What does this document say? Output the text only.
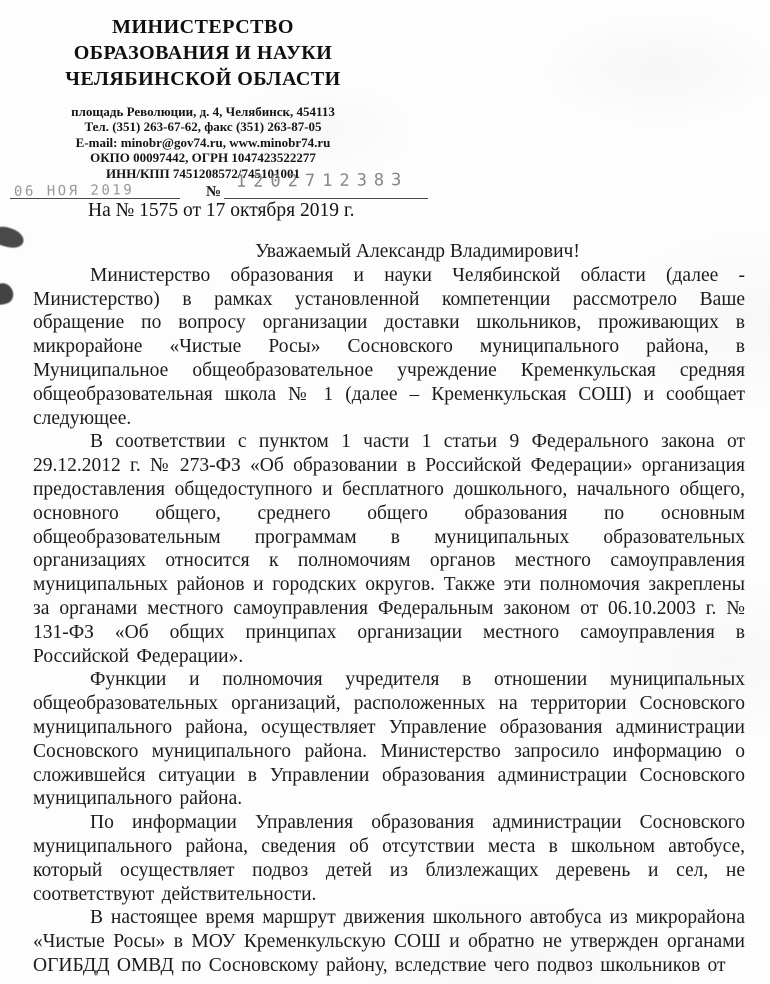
МИНИСТЕРСТВО
ОБРАЗОВАНИЯ И НАУКИ
ЧЕЛЯБИНСКОЙ ОБЛАСТИ
площадь Революции, д. 4, Челябинск, 454113
Тел. (351) 263-67-62, факс (351) 263-87-05
E-mail: minobr@gov74.ru, www.minobr74.ru
ОКПО 00097442, ОГРН 1047423522277
ИНН/КПП 7451208572/745101001
06 НОЯ 2019	№
1202712383
На № 1575 от 17 октября 2019 г.

Уважаемый Александр Владимирович!

Министерство образования и науки Челябинской области (далее - Министерство) в рамках установленной компетенции рассмотрело Ваше обращение по вопросу организации доставки школьников, проживающих в микрорайоне «Чистые Росы» Сосновского муниципального района, в Муниципальное общеобразовательное учреждение Кременкульская средняя общеобразовательная школа № 1 (далее – Кременкульская СОШ) и сообщает следующее.

В соответствии с пунктом 1 части 1 статьи 9 Федерального закона от 29.12.2012 г. № 273-ФЗ «Об образовании в Российской Федерации» организация предоставления общедоступного и бесплатного дошкольного, начального общего, основного общего, среднего общего образования по основным общеобразовательным программам в муниципальных образовательных организациях относится к полномочиям органов местного самоуправления муниципальных районов и городских округов. Также эти полномочия закреплены за органами местного самоуправления Федеральным законом от 06.10.2003 г. № 131-ФЗ «Об общих принципах организации местного самоуправления в Российской Федерации».

Функции и полномочия учредителя в отношении муниципальных общеобразовательных организаций, расположенных на территории Сосновского муниципального района, осуществляет Управление образования администрации Сосновского муниципального района. Министерство запросило информацию о сложившейся ситуации в Управлении образования администрации Сосновского муниципального района.

По информации Управления образования администрации Сосновского муниципального района, сведения об отсутствии места в школьном автобусе, который осуществляет подвоз детей из близлежащих деревень и сел, не соответствуют действительности.

В настоящее время маршрут движения школьного автобуса из микрорайона «Чистые Росы» в МОУ Кременкульскую СОШ и обратно не утвержден органами ОГИБДД ОМВД по Сосновскому району, вследствие чего подвоз школьников от
